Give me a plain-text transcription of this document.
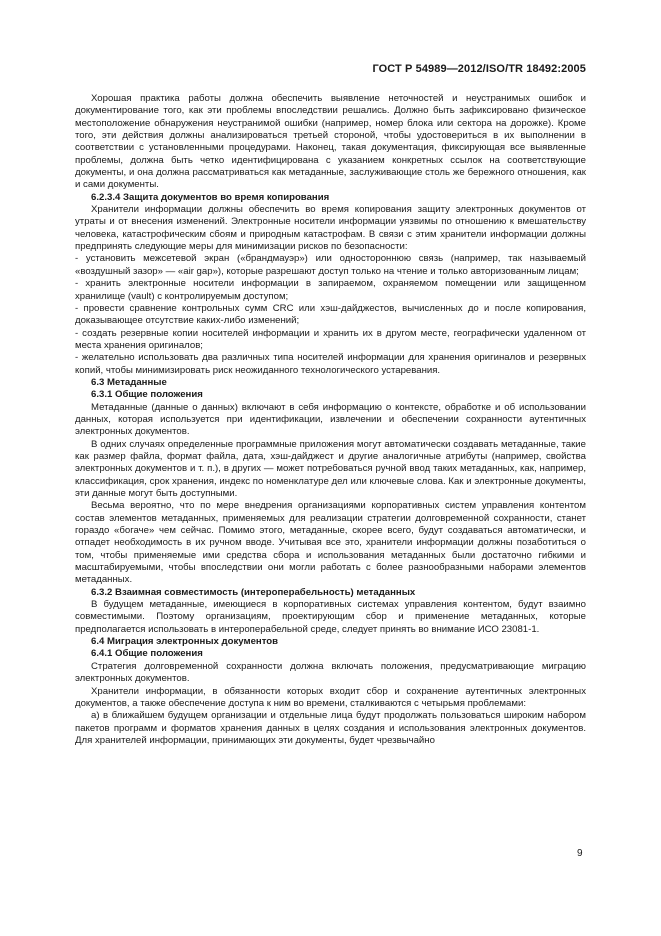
ГОСТ Р 54989—2012/ISO/TR 18492:2005

Хорошая практика работы должна обеспечить выявление неточностей и неустранимых ошибок и документирование того, как эти проблемы впоследствии решались. Должно быть зафиксировано физическое местоположение обнаружения неустранимой ошибки (например, номер блока или сектора на дорожке). Кроме того, эти действия должны анализироваться третьей стороной, чтобы удостовериться в их выполнении в соответствии с установленными процедурами. Наконец, такая документация, фиксирующая все выявленные проблемы, должна быть четко идентифицирована с указанием конкретных ссылок на соответствующие документы, и она должна рассматриваться как метаданные, заслуживающие столь же бережного отношения, как и сами документы.

6.2.3.4 Защита документов во время копирования

Хранители информации должны обеспечить во время копирования защиту электронных документов от утраты и от внесения изменений. Электронные носители информации уязвимы по отношению к вмешательству человека, катастрофическим сбоям и природным катастрофам. В связи с этим хранители информации должны предпринять следующие меры для минимизации рисков по безопасности:

- установить межсетевой экран («брандмауэр») или одностороннюю связь (например, так называемый «воздушный зазор» — «air gap»), которые разрешают доступ только на чтение и только авторизованным лицам;

- хранить электронные носители информации в запираемом, охраняемом помещении или защищенном хранилище (vault) с контролируемым доступом;

- провести сравнение контрольных сумм CRC или хэш-дайджестов, вычисленных до и после копирования, доказывающее отсутствие каких-либо изменений;

- создать резервные копии носителей информации и хранить их в другом месте, географически удаленном от места хранения оригиналов;

- желательно использовать два различных типа носителей информации для хранения оригиналов и резервных копий, чтобы минимизировать риск неожиданного технологического устаревания.

6.3 Метаданные

6.3.1 Общие положения

Метаданные (данные о данных) включают в себя информацию о контексте, обработке и об использовании данных, которая используется при идентификации, извлечении и обеспечении сохранности аутентичных электронных документов.

В одних случаях определенные программные приложения могут автоматически создавать метаданные, такие как размер файла, формат файла, дата, хэш-дайджест и другие аналогичные атрибуты (например, свойства электронных документов и т. п.), в других — может потребоваться ручной ввод таких метаданных, как, например, классификация, срок хранения, индекс по номенклатуре дел или ключевые слова. Как и электронные документы, эти данные могут быть доступными.

Весьма вероятно, что по мере внедрения организациями корпоративных систем управления контентом состав элементов метаданных, применяемых для реализации стратегии долговременной сохранности, станет гораздо «богаче» чем сейчас. Помимо этого, метаданные, скорее всего, будут создаваться автоматически, и отпадет необходимость в их ручном вводе. Учитывая все это, хранители информации должны позаботиться о том, чтобы применяемые ими средства сбора и использования метаданных были достаточно гибкими и масштабируемыми, чтобы впоследствии они могли работать с более разнообразными наборами элементов метаданных.

6.3.2 Взаимная совместимость (интероперабельность) метаданных

В будущем метаданные, имеющиеся в корпоративных системах управления контентом, будут взаимно совместимыми. Поэтому организациям, проектирующим сбор и применение метаданных, которые предполагается использовать в интероперабельной среде, следует принять во внимание ИСО 23081-1.

6.4 Миграция электронных документов

6.4.1 Общие положения

Стратегия долговременной сохранности должна включать положения, предусматривающие миграцию электронных документов.

Хранители информации, в обязанности которых входит сбор и сохранение аутентичных электронных документов, а также обеспечение доступа к ним во времени, сталкиваются с четырьмя проблемами:

а) в ближайшем будущем организации и отдельные лица будут продолжать пользоваться широким набором пакетов программ и форматов хранения данных в целях создания и использования электронных документов. Для хранителей информации, принимающих эти документы, будет чрезвычайно

9
